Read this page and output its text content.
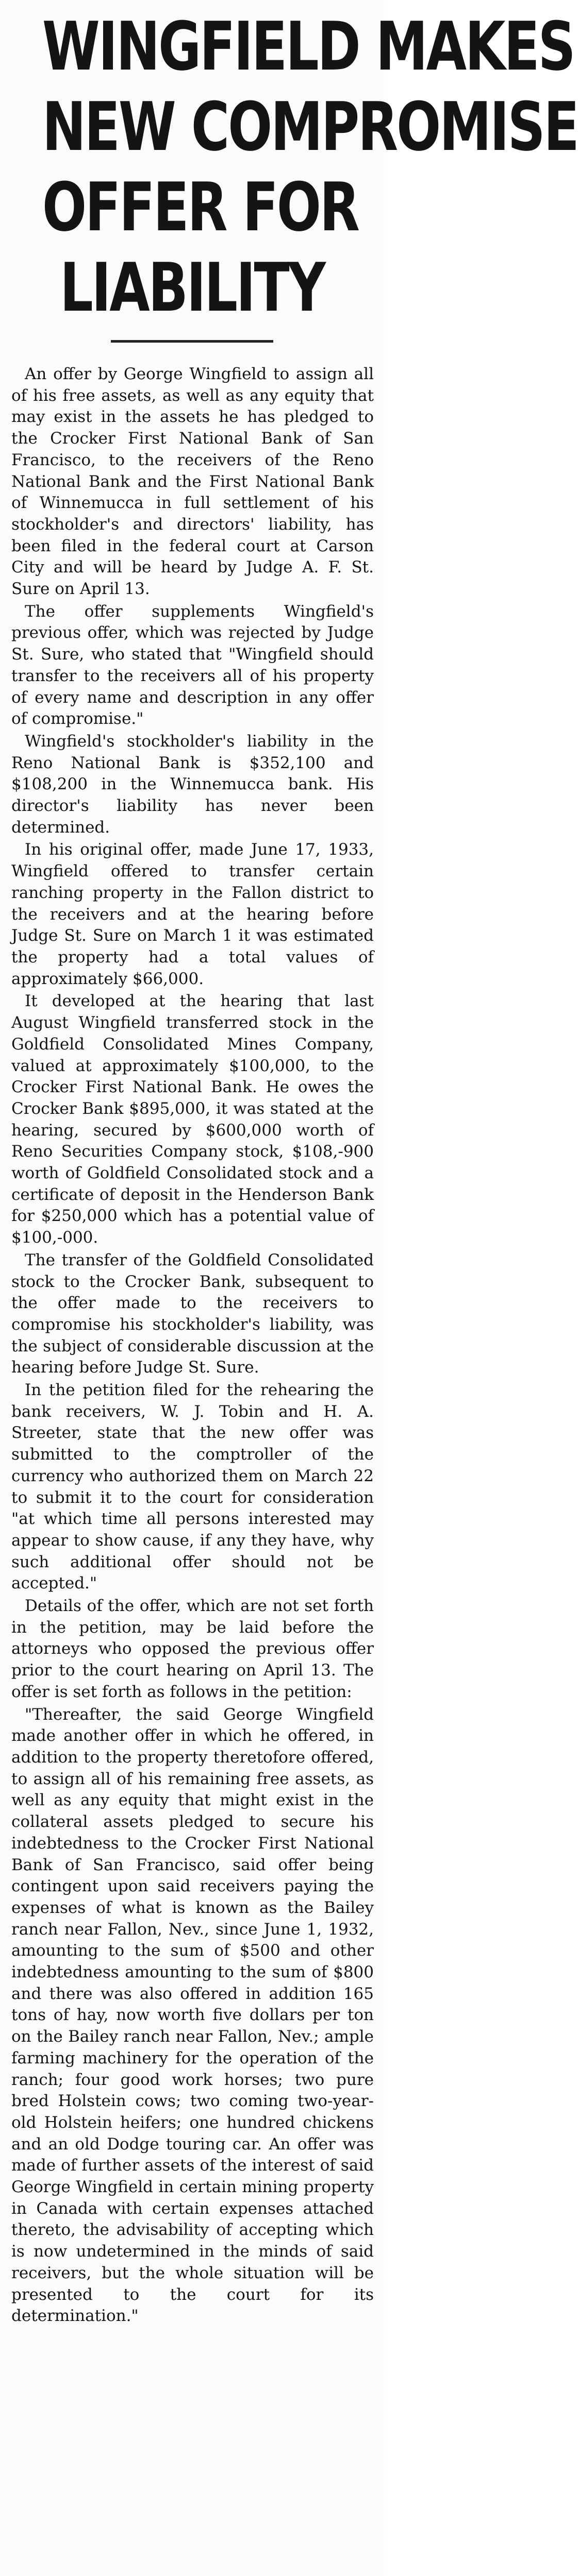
WINGFIELD MAKES
NEW COMPROMISE
OFFER FOR
LIABILITY

An offer by George Wingfield to assign all of his free assets, as well as any equity that may exist in the assets he has pledged to the Crocker First National Bank of San Francisco, to the receivers of the Reno National Bank and the First National Bank of Winnemucca in full settlement of his stockholder's and directors' liability, has been filed in the federal court at Carson City and will be heard by Judge A. F. St. Sure on April 13.

The offer supplements Wingfield's previous offer, which was rejected by Judge St. Sure, who stated that "Wingfield should transfer to the receivers all of his property of every name and description in any offer of compromise."

Wingfield's stockholder's liability in the Reno National Bank is $352,100 and $108,200 in the Winnemucca bank. His director's liability has never been determined.

In his original offer, made June 17, 1933, Wingfield offered to transfer certain ranching property in the Fallon district to the receivers and at the hearing before Judge St. Sure on March 1 it was estimated the property had a total values of approximately $66,000.

It developed at the hearing that last August Wingfield transferred stock in the Goldfield Consolidated Mines Company, valued at approximately $100,000, to the Crocker First National Bank. He owes the Crocker Bank $895,000, it was stated at the hearing, secured by $600,000 worth of Reno Securities Company stock, $108,-900 worth of Goldfield Consolidated stock and a certificate of deposit in the Henderson Bank for $250,000 which has a potential value of $100,-000.

The transfer of the Goldfield Consolidated stock to the Crocker Bank, subsequent to the offer made to the receivers to compromise his stockholder's liability, was the subject of considerable discussion at the hearing before Judge St. Sure.

In the petition filed for the rehearing the bank receivers, W. J. Tobin and H. A. Streeter, state that the new offer was submitted to the comptroller of the currency who authorized them on March 22 to submit it to the court for consideration "at which time all persons interested may appear to show cause, if any they have, why such additional offer should not be accepted."

Details of the offer, which are not set forth in the petition, may be laid before the attorneys who opposed the previous offer prior to the court hearing on April 13. The offer is set forth as follows in the petition:

"Thereafter, the said George Wingfield made another offer in which he offered, in addition to the property theretofore offered, to assign all of his remaining free assets, as well as any equity that might exist in the collateral assets pledged to secure his indebtedness to the Crocker First National Bank of San Francisco, said offer being contingent upon said receivers paying the expenses of what is known as the Bailey ranch near Fallon, Nev., since June 1, 1932, amounting to the sum of $500 and other indebtedness amounting to the sum of $800 and there was also offered in addition 165 tons of hay, now worth five dollars per ton on the Bailey ranch near Fallon, Nev.; ample farming machinery for the operation of the ranch; four good work horses; two pure bred Holstein cows; two coming two-year-old Holstein heifers; one hundred chickens and an old Dodge touring car. An offer was made of further assets of the interest of said George Wingfield in certain mining property in Canada with certain expenses attached thereto, the advisability of accepting which is now undetermined in the minds of said receivers, but the whole situation will be presented to the court for its determination."
